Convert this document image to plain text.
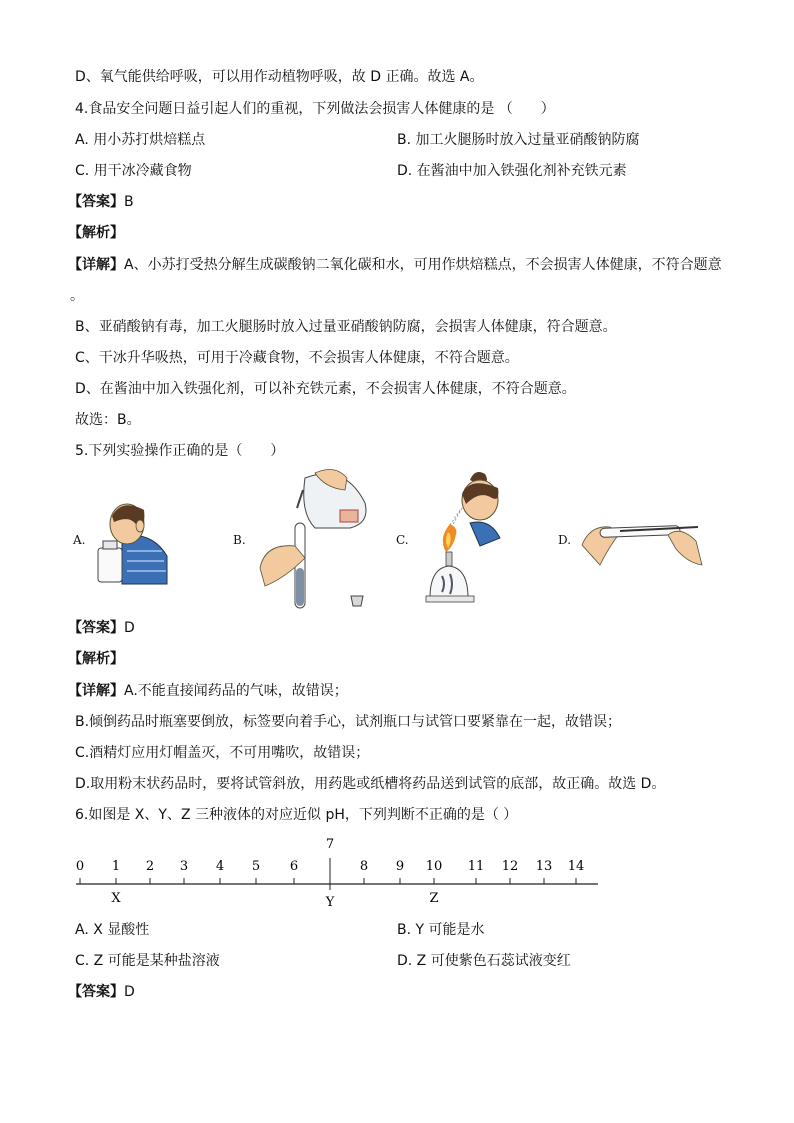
D、氧气能供给呼吸，可以用作动植物呼吸，故 D 正确。故选 A。
4.食品安全问题日益引起人们的重视，下列做法会损害人体健康的是 （　　）
A. 用小苏打烘焙糕点	B. 加工火腿肠时放入过量亚硝酸钠防腐
C. 用干冰冷藏食物	D. 在酱油中加入铁强化剂补充铁元素
【答案】B
【解析】
【详解】A、小苏打受热分解生成碳酸钠二氧化碳和水，可用作烘焙糕点，不会损害人体健康，不符合题意
。
B、亚硝酸钠有毒，加工火腿肠时放入过量亚硝酸钠防腐，会损害人体健康，符合题意。
C、干冰升华吸热，可用于冷藏食物，不会损害人体健康，不符合题意。
D、在酱油中加入铁强化剂，可以补充铁元素，不会损害人体健康，不符合题意。
故选：B。
5.下列实验操作正确的是（　　）
A.	B.	C.	D.
【答案】D
【解析】
【详解】A.不能直接闻药品的气味，故错误；
B.倾倒药品时瓶塞要倒放，标签要向着手心，试剂瓶口与试管口要紧靠在一起，故错误；
C.酒精灯应用灯帽盖灭，不可用嘴吹，故错误；
D.取用粉末状药品时，要将试管斜放，用药匙或纸槽将药品送到试管的底部，故正确。故选 D。
6.如图是 X、Y、Z 三种液体的对应近似 pH，下列判断不正确的是（ ）
0 1 2 3 4 5 6
7
8 9 10 11 12 13 14
X	Y	Z
A. X 显酸性	B. Y 可能是水
C. Z 可能是某种盐溶液	D. Z 可使紫色石蕊试液变红
【答案】D
